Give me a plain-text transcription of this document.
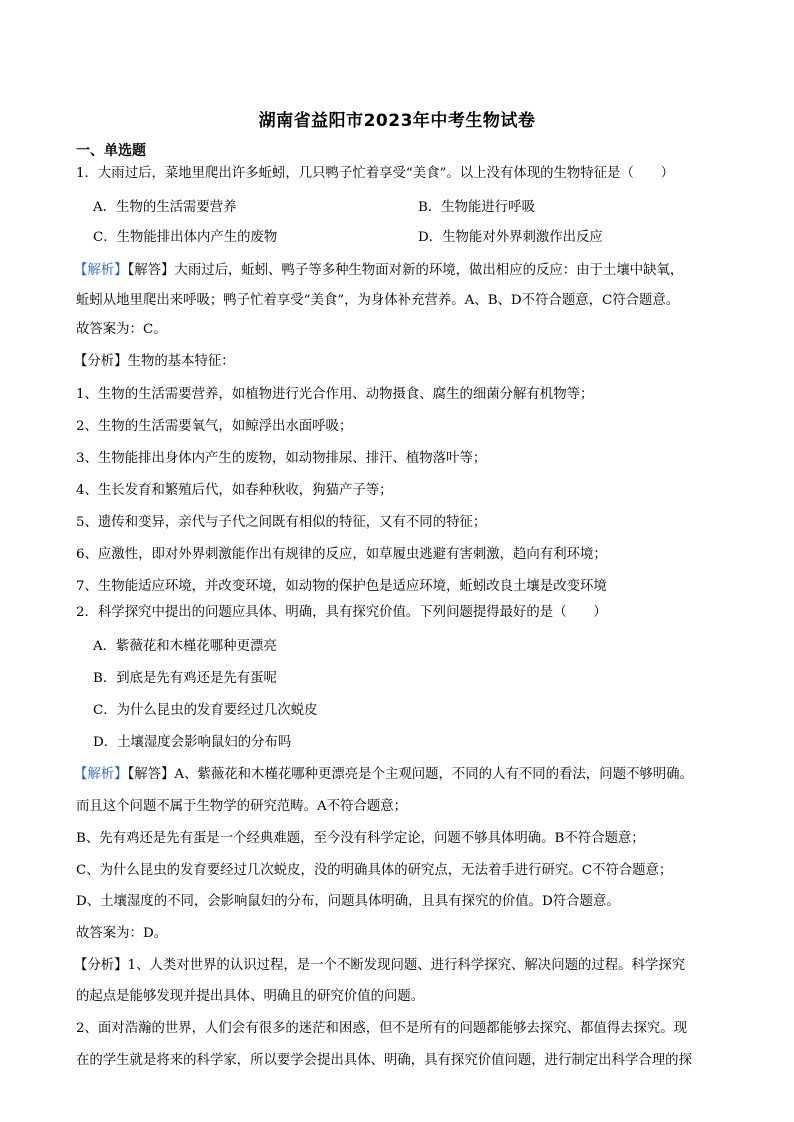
湖南省益阳市2023年中考生物试卷
一、单选题
1．大雨过后，菜地里爬出许多蚯蚓，几只鸭子忙着享受“美食”。以上没有体现的生物特征是（　　）
A．生物的生活需要营养	B．生物能进行呼吸
C．生物能排出体内产生的废物	D．生物能对外界刺激作出反应
【解析】【解答】大雨过后，蚯蚓、鸭子等多种生物面对新的环境，做出相应的反应：由于土壤中缺氧，
蚯蚓从地里爬出来呼吸；鸭子忙着享受“美食”，为身体补充营养。A、B、D不符合题意，C符合题意。
故答案为：C。
【分析】生物的基本特征：
1、生物的生活需要营养，如植物进行光合作用、动物摄食、腐生的细菌分解有机物等；
2、生物的生活需要氧气，如鲸浮出水面呼吸；
3、生物能排出身体内产生的废物，如动物排尿、排汗、植物落叶等；
4、生长发育和繁殖后代，如春种秋收，狗猫产子等；
5、遗传和变异，亲代与子代之间既有相似的特征，又有不同的特征；
6、应激性，即对外界刺激能作出有规律的反应，如草履虫逃避有害刺激，趋向有利环境；
7、生物能适应环境，并改变环境，如动物的保护色是适应环境，蚯蚓改良土壤是改变环境
2．科学探究中提出的问题应具体、明确，具有探究价值。下列问题提得最好的是（　　）
A．紫薇花和木槿花哪种更漂亮
B．到底是先有鸡还是先有蛋呢
C．为什么昆虫的发育要经过几次蜕皮
D．土壤湿度会影响鼠妇的分布吗
【解析】【解答】A、紫薇花和木槿花哪种更漂亮是个主观问题，不同的人有不同的看法，问题不够明确。
而且这个问题不属于生物学的研究范畴。A不符合题意；
B、先有鸡还是先有蛋是一个经典难题，至今没有科学定论，问题不够具体明确。B不符合题意；
C、为什么昆虫的发育要经过几次蜕皮，没的明确具体的研究点，无法着手进行研究。C不符合题意；
D、土壤湿度的不同，会影响鼠妇的分布，问题具体明确，且具有探究的价值。D符合题意。
故答案为：D。
【分析】1、人类对世界的认识过程，是一个不断发现问题、进行科学探究、解决问题的过程。科学探究
的起点是能够发现并提出具体、明确且的研究价值的问题。
2、面对浩瀚的世界，人们会有很多的迷茫和困惑，但不是所有的问题都能够去探究、都值得去探究。现
在的学生就是将来的科学家，所以要学会提出具体、明确，具有探究价值问题，进行制定出科学合理的探
